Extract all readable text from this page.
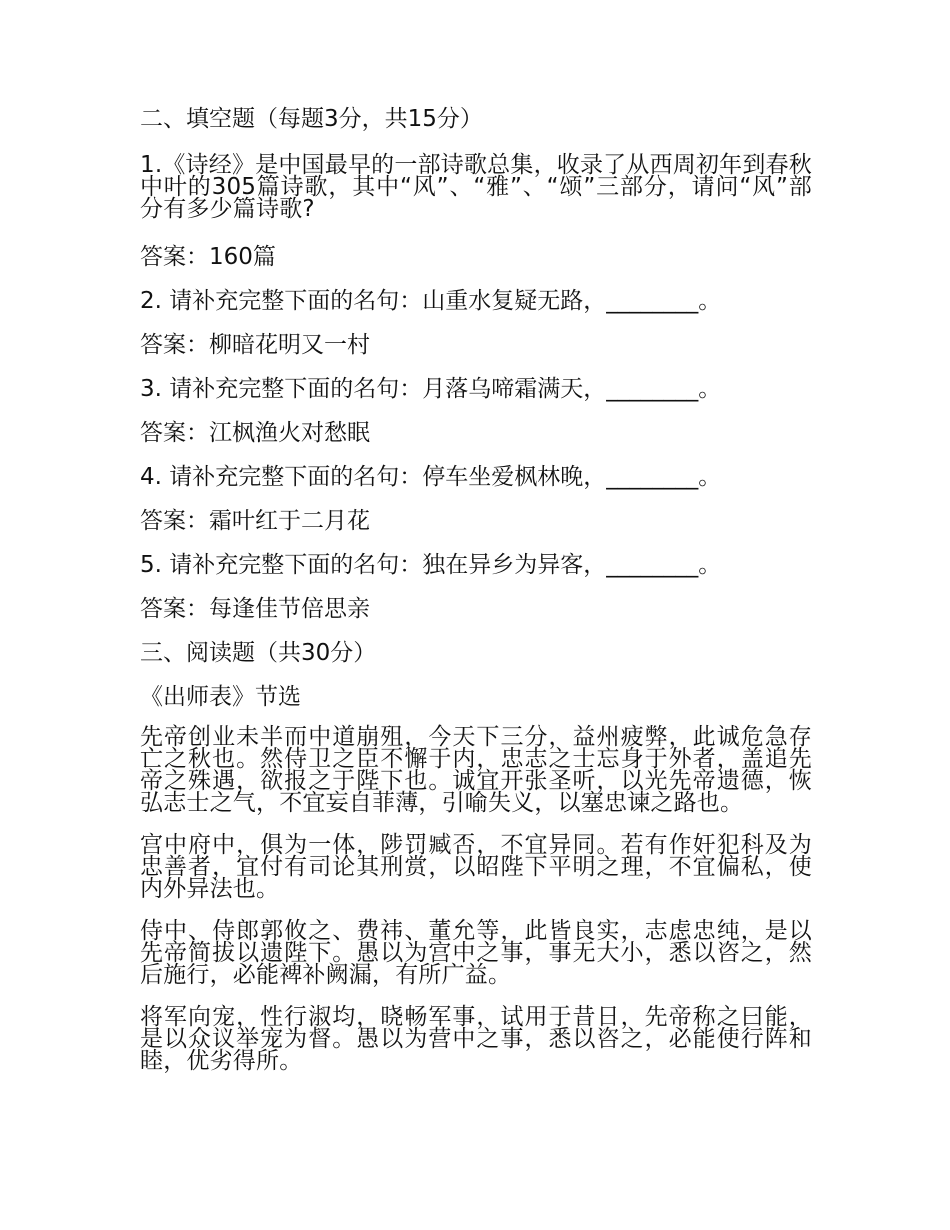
二、填空题（每题3分，共15分）
1.《诗经》是中国最早的一部诗歌总集，收录了从西周初年到春秋中叶的305篇诗歌，其中“风”、“雅”、“颂”三部分，请问“风”部分有多少篇诗歌?
答案：160篇
2. 请补充完整下面的名句：山重水复疑无路，________。
答案：柳暗花明又一村
3. 请补充完整下面的名句：月落乌啼霜满天，________。
答案：江枫渔火对愁眠
4. 请补充完整下面的名句：停车坐爱枫林晚，________。
答案：霜叶红于二月花
5. 请补充完整下面的名句：独在异乡为异客，________。
答案：每逢佳节倍思亲
三、阅读题（共30分）
《出师表》节选
先帝创业未半而中道崩殂，今天下三分，益州疲弊，此诚危急存亡之秋也。然侍卫之臣不懈于内，忠志之士忘身于外者，盖追先帝之殊遇，欲报之于陛下也。诚宜开张圣听，以光先帝遗德，恢弘志士之气，不宜妄自菲薄，引喻失义，以塞忠谏之路也。
宫中府中，俱为一体，陟罚臧否，不宜异同。若有作奸犯科及为忠善者，宜付有司论其刑赏，以昭陛下平明之理，不宜偏私，使内外异法也。
侍中、侍郎郭攸之、费祎、董允等，此皆良实，志虑忠纯，是以先帝简拔以遗陛下。愚以为宫中之事，事无大小，悉以咨之，然后施行，必能裨补阙漏，有所广益。
将军向宠，性行淑均，晓畅军事，试用于昔日，先帝称之曰能，是以众议举宠为督。愚以为营中之事，悉以咨之，必能使行阵和睦，优劣得所。
